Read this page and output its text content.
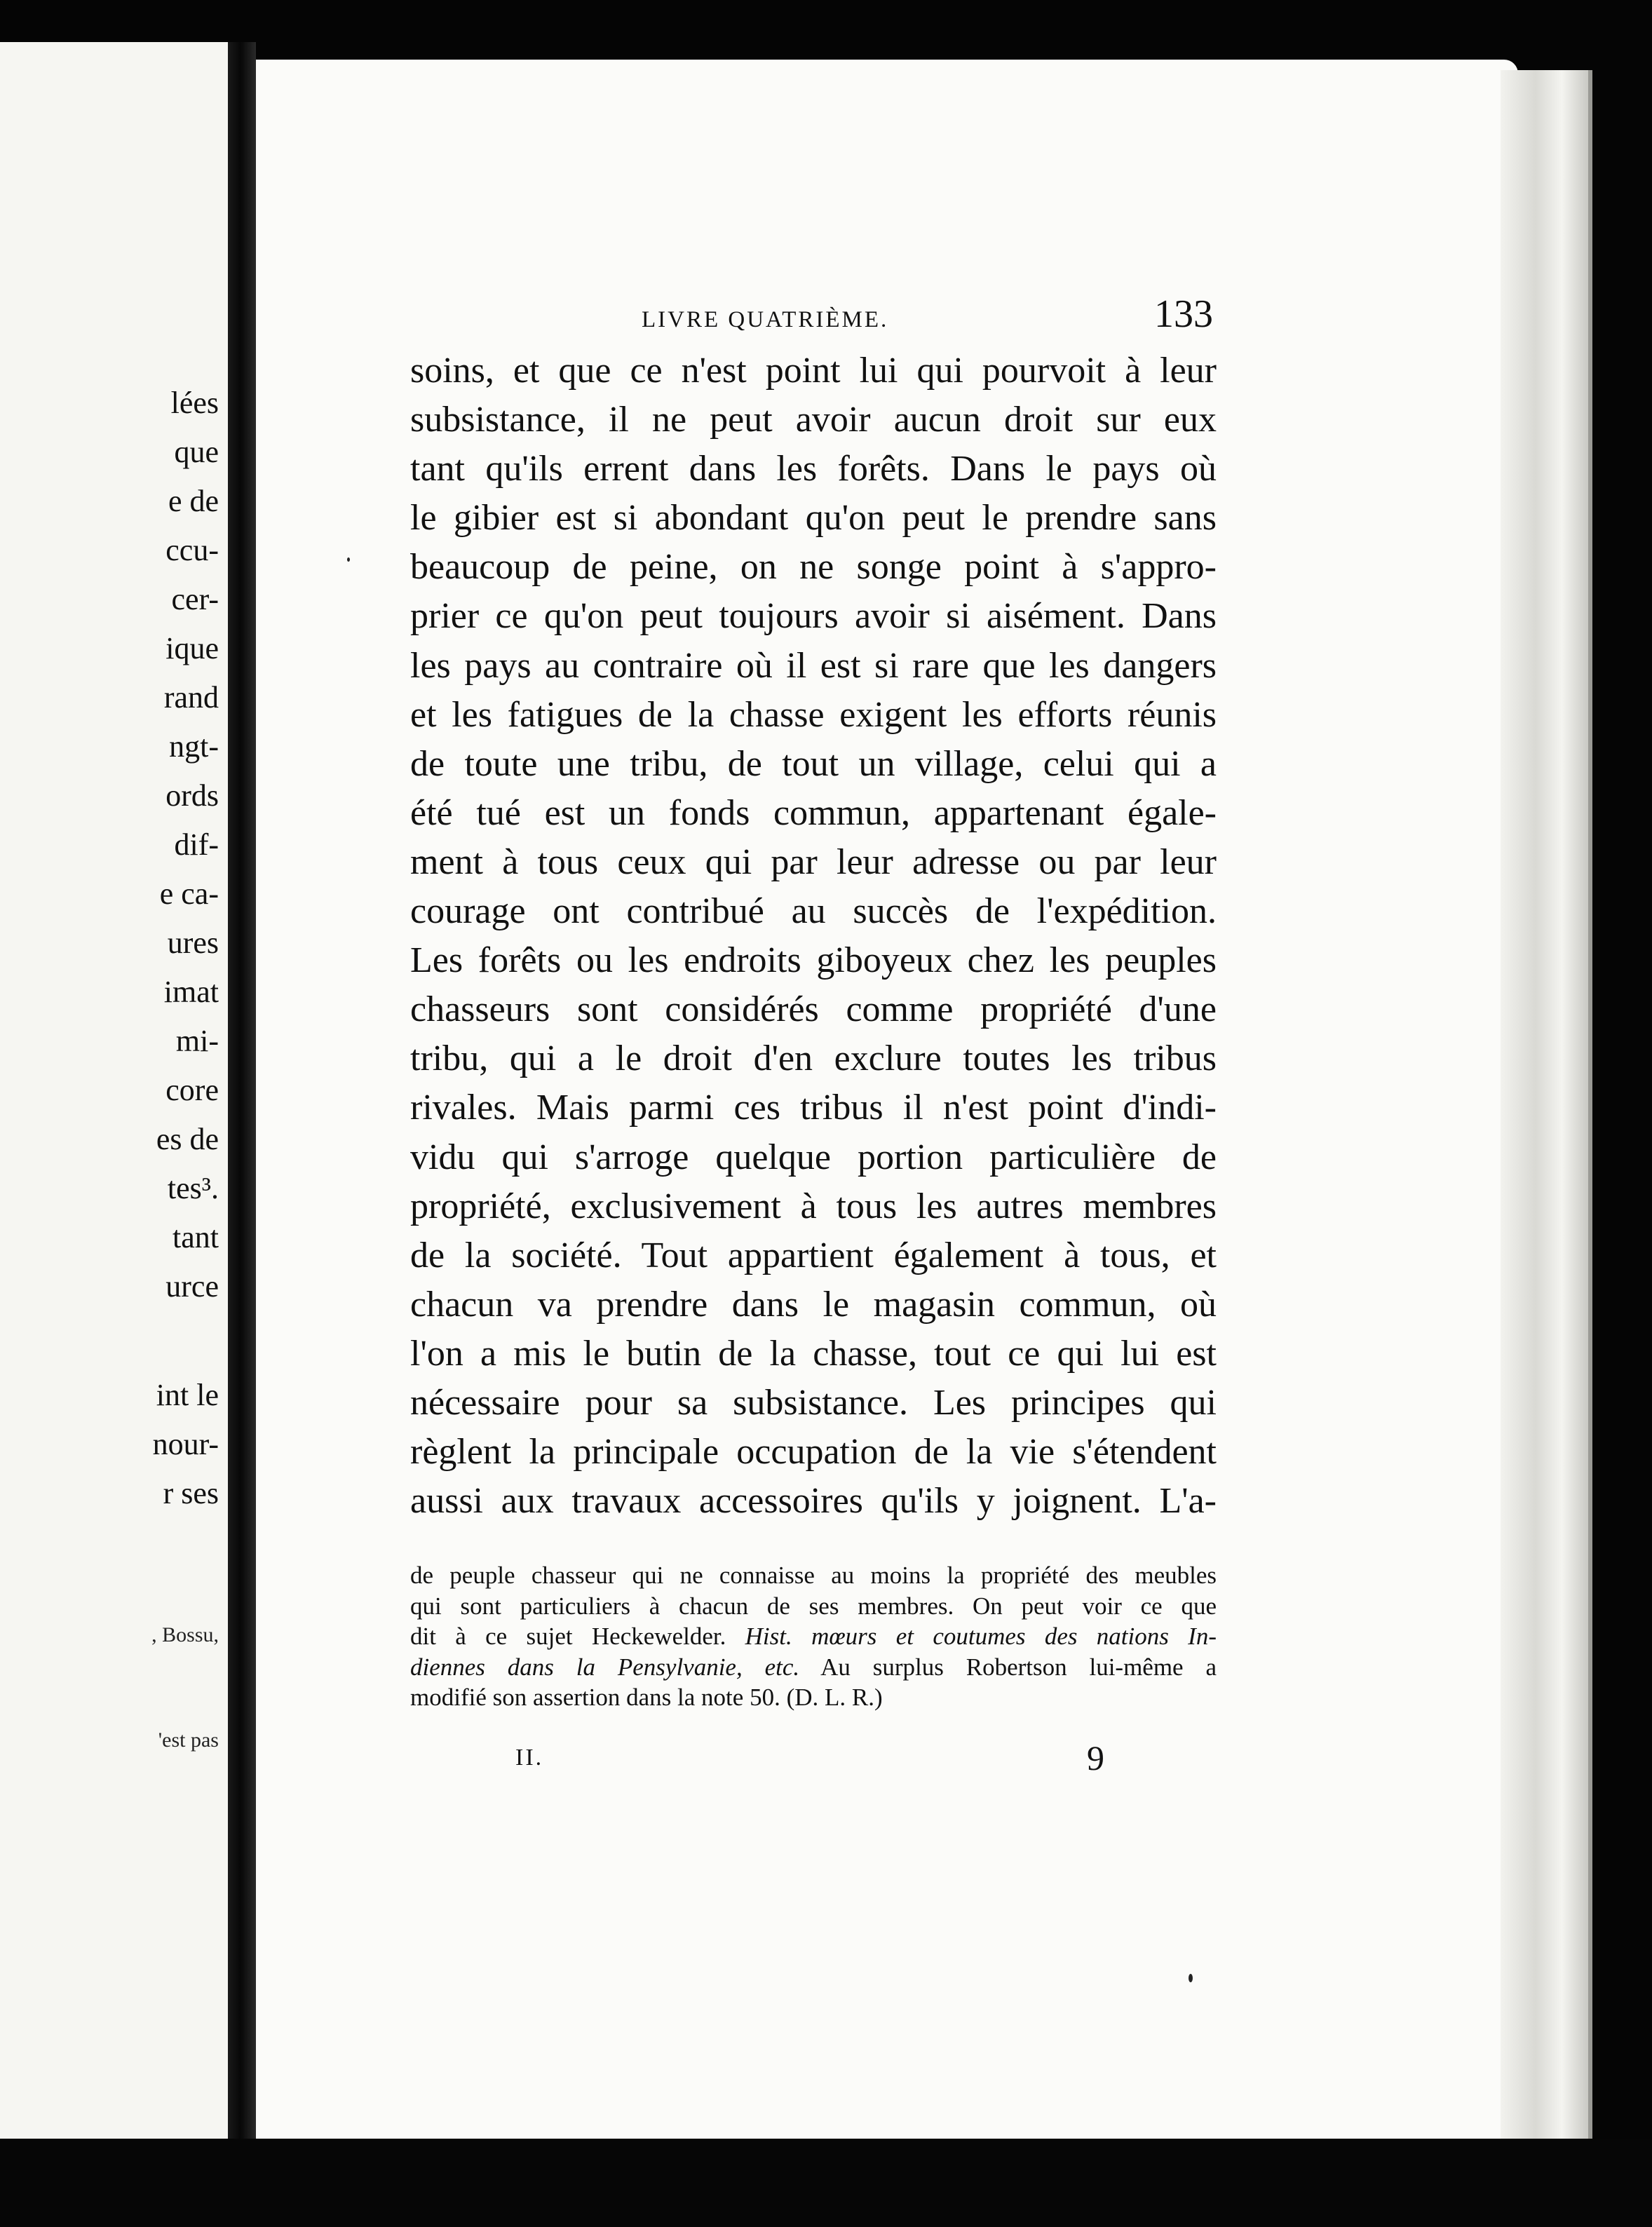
lées
que
e de
ccu-
cer-
ique
rand
ngt-
ords
dif-
e ca-
ures
imat
mi-
core
es de
tes³.
tant
urce
int le
nour-
r ses
, Bossu,
'est pas
LIVRE QUATRIÈME.	133
soins, et que ce n'est point lui qui pourvoit à leur
subsistance, il ne peut avoir aucun droit sur eux
tant qu'ils errent dans les forêts. Dans le pays où
le gibier est si abondant qu'on peut le prendre sans
beaucoup de peine, on ne songe point à s'appro-
prier ce qu'on peut toujours avoir si aisément. Dans
les pays au contraire où il est si rare que les dangers
et les fatigues de la chasse exigent les efforts réunis
de toute une tribu, de tout un village, celui qui a
été tué est un fonds commun, appartenant égale-
ment à tous ceux qui par leur adresse ou par leur
courage ont contribué au succès de l'expédition.
Les forêts ou les endroits giboyeux chez les peuples
chasseurs sont considérés comme propriété d'une
tribu, qui a le droit d'en exclure toutes les tribus
rivales. Mais parmi ces tribus il n'est point d'indi-
vidu qui s'arroge quelque portion particulière de
propriété, exclusivement à tous les autres membres
de la société. Tout appartient également à tous, et
chacun va prendre dans le magasin commun, où
l'on a mis le butin de la chasse, tout ce qui lui est
nécessaire pour sa subsistance. Les principes qui
règlent la principale occupation de la vie s'étendent
aussi aux travaux accessoires qu'ils y joignent. L'a-
de peuple chasseur qui ne connaisse au moins la propriété des meubles
qui sont particuliers à chacun de ses membres. On peut voir ce que
dit à ce sujet Heckewelder. Hist. mœurs et coutumes des nations In-
diennes dans la Pensylvanie, etc. Au surplus Robertson lui-même a
modifié son assertion dans la note 50. (D. L. R.)
II.	9
